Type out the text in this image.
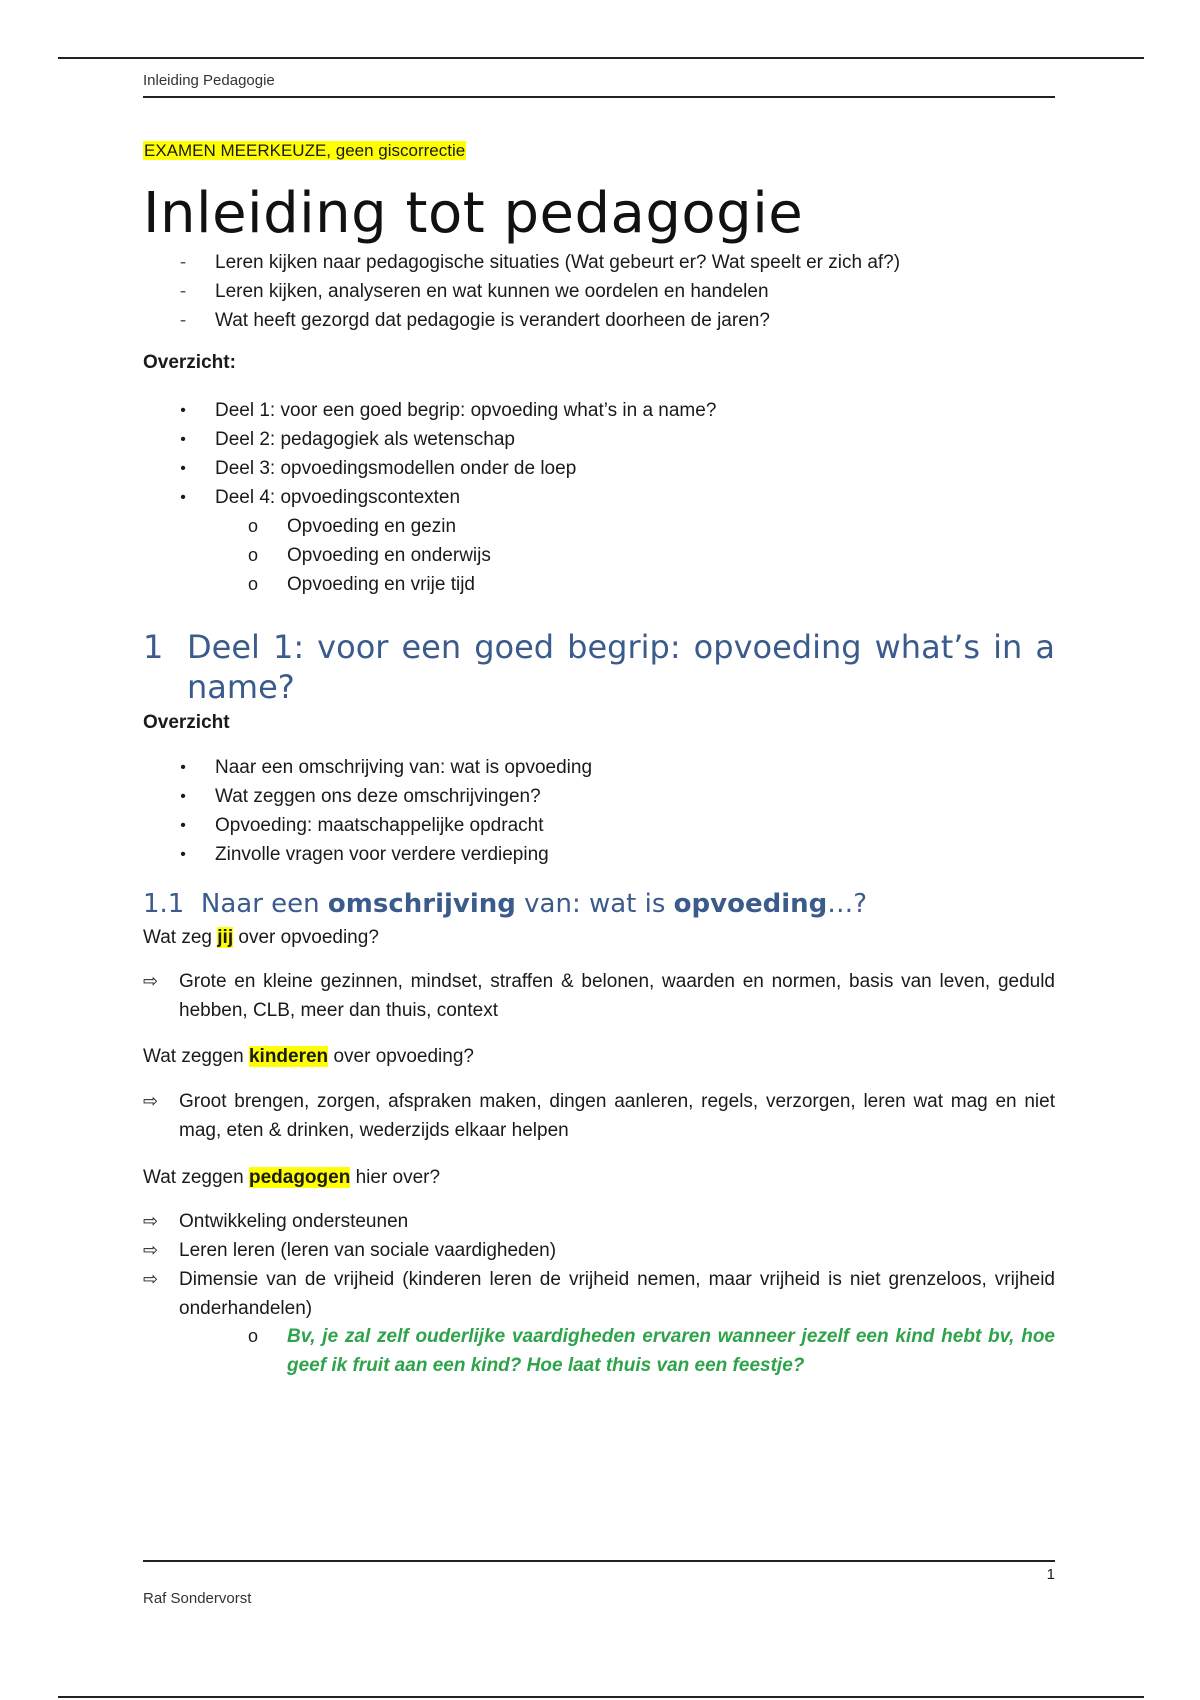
Inleiding Pedagogie
EXAMEN MEERKEUZE, geen giscorrectie
Inleiding tot pedagogie
-	Leren kijken naar pedagogische situaties (Wat gebeurt er? Wat speelt er zich af?)
-	Leren kijken, analyseren en wat kunnen we oordelen en handelen
-	Wat heeft gezorgd dat pedagogie is verandert doorheen de jaren?
Overzicht:
•	Deel 1: voor een goed begrip: opvoeding what’s in a name?
•	Deel 2: pedagogiek als wetenschap
•	Deel 3: opvoedingsmodellen onder de loep
•	Deel 4: opvoedingscontexten
o Opvoeding en gezin
o Opvoeding en onderwijs
o Opvoeding en vrije tijd
1 Deel 1: voor een goed begrip: opvoeding what’s in a name?
Overzicht
•	Naar een omschrijving van: wat is opvoeding
•	Wat zeggen ons deze omschrijvingen?
•	Opvoeding: maatschappelijke opdracht
•	Zinvolle vragen voor verdere verdieping
1.1 Naar een omschrijving van: wat is opvoeding…?
Wat zeg jij over opvoeding?
⇨ Grote en kleine gezinnen, mindset, straffen & belonen, waarden en normen, basis van leven, geduld hebben, CLB, meer dan thuis, context
Wat zeggen kinderen over opvoeding?
⇨ Groot brengen, zorgen, afspraken maken, dingen aanleren, regels, verzorgen, leren wat mag en niet mag, eten & drinken, wederzijds elkaar helpen
Wat zeggen pedagogen hier over?
⇨ Ontwikkeling ondersteunen
⇨ Leren leren (leren van sociale vaardigheden)
⇨ Dimensie van de vrijheid (kinderen leren de vrijheid nemen, maar vrijheid is niet grenzeloos, vrijheid onderhandelen)
o Bv, je zal zelf ouderlijke vaardigheden ervaren wanneer jezelf een kind hebt bv, hoe geef ik fruit aan een kind? Hoe laat thuis van een feestje?
1
Raf Sondervorst
